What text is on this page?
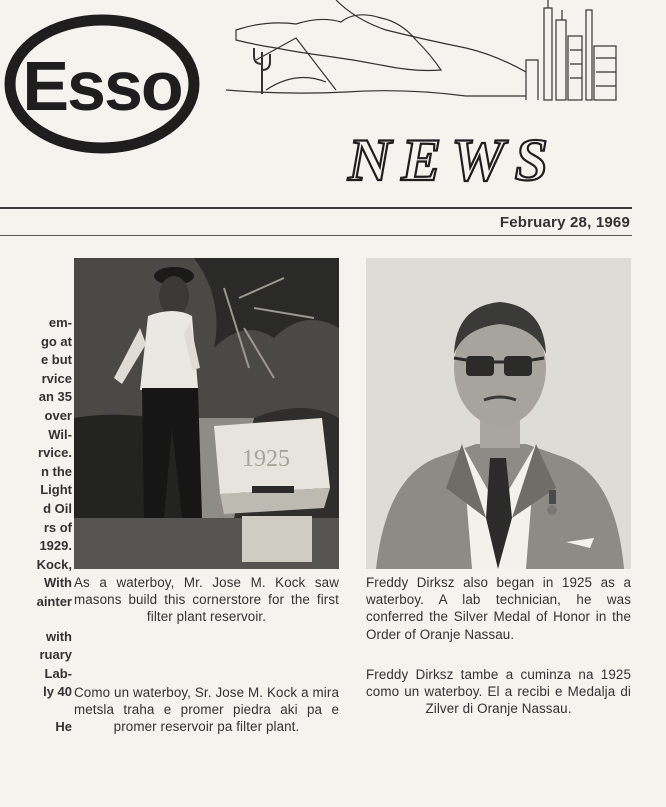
Esso
NEWS
February 28, 1969
em-
go at
e but
rvice
an 35
over
Wil-
rvice.
n the
Light
d Oil
rs of
1929.
Kock,
With
ainter
with
ruary
Lab-
ly 40
He
1925

As a waterboy, Mr. Jose M. Kock saw masons build this cornerstore for the first filter plant reservoir.

Como un waterboy, Sr. Jose M. Kock a mira metsla traha e promer piedra aki pa e promer reservoir pa filter plant.

Freddy Dirksz also began in 1925 as a waterboy. A lab technician, he was conferred the Silver Medal of Honor in the Order of Oranje Nassau.

Freddy Dirksz tambe a cuminza na 1925 como un waterboy. El a recibi e Medalja di Zilver di Oranje Nassau.
